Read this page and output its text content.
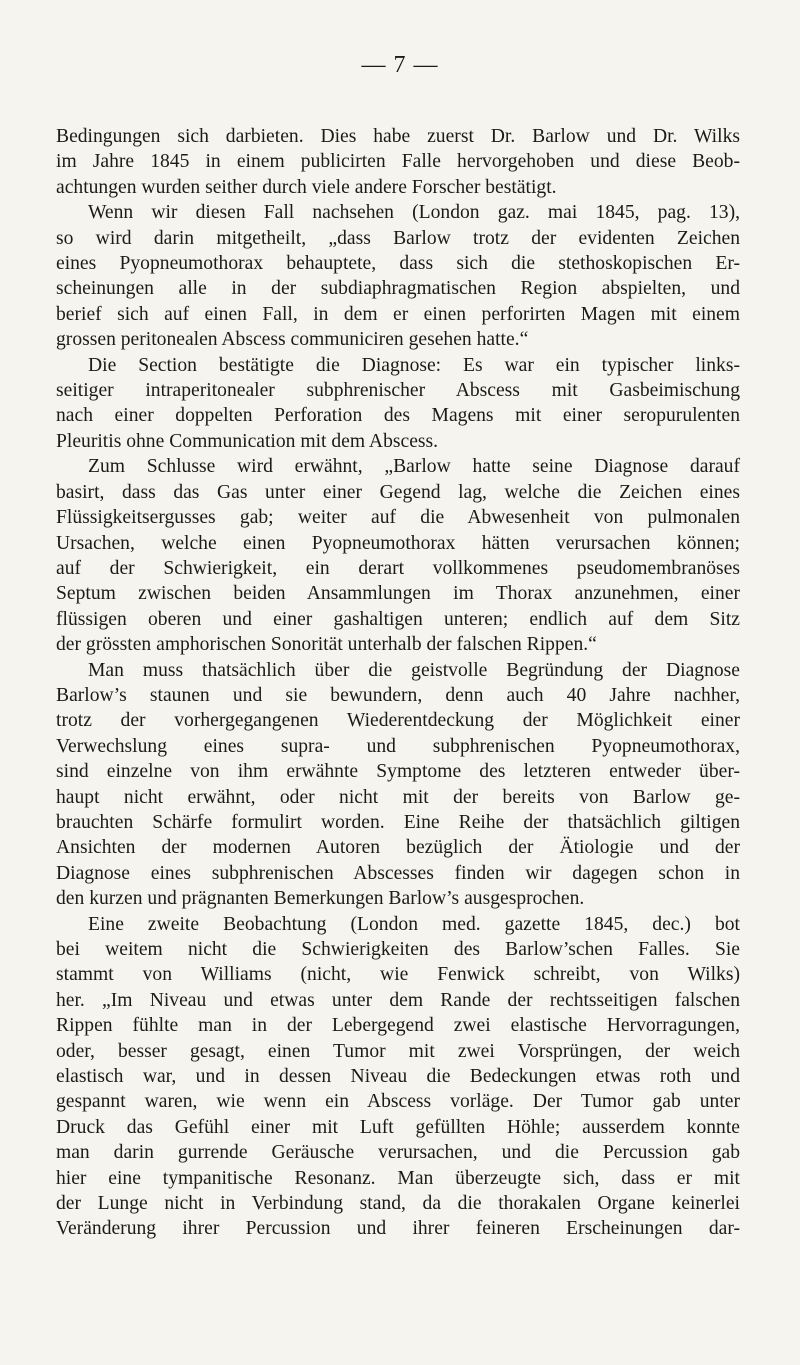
— 7 —

Bedingungen sich darbieten. Dies habe zuerst Dr. Barlow und Dr. Wilks
im Jahre 1845 in einem publicirten Falle hervorgehoben und diese Beob-
achtungen wurden seither durch viele andere Forscher bestätigt.

Wenn wir diesen Fall nachsehen (London gaz. mai 1845, pag. 13),
so wird darin mitgetheilt, „dass Barlow trotz der evidenten Zeichen
eines Pyopneumothorax behauptete, dass sich die stethoskopischen Er-
scheinungen alle in der subdiaphragmatischen Region abspielten, und
berief sich auf einen Fall, in dem er einen perforirten Magen mit einem
grossen peritonealen Abscess communiciren gesehen hatte.“

Die Section bestätigte die Diagnose: Es war ein typischer links-
seitiger intraperitonealer subphrenischer Abscess mit Gasbeimischung
nach einer doppelten Perforation des Magens mit einer seropurulenten
Pleuritis ohne Communication mit dem Abscess.

Zum Schlusse wird erwähnt, „Barlow hatte seine Diagnose darauf
basirt, dass das Gas unter einer Gegend lag, welche die Zeichen eines
Flüssigkeitsergusses gab; weiter auf die Abwesenheit von pulmonalen
Ursachen, welche einen Pyopneumothorax hätten verursachen können;
auf der Schwierigkeit, ein derart vollkommenes pseudomembranöses
Septum zwischen beiden Ansammlungen im Thorax anzunehmen, einer
flüssigen oberen und einer gashaltigen unteren; endlich auf dem Sitz
der grössten amphorischen Sonorität unterhalb der falschen Rippen.“

Man muss thatsächlich über die geistvolle Begründung der Diagnose
Barlow’s staunen und sie bewundern, denn auch 40 Jahre nachher,
trotz der vorhergegangenen Wiederentdeckung der Möglichkeit einer
Verwechslung eines supra- und subphrenischen Pyopneumothorax,
sind einzelne von ihm erwähnte Symptome des letzteren entweder über-
haupt nicht erwähnt, oder nicht mit der bereits von Barlow ge-
brauchten Schärfe formulirt worden. Eine Reihe der thatsächlich giltigen
Ansichten der modernen Autoren bezüglich der Ätiologie und der
Diagnose eines subphrenischen Abscesses finden wir dagegen schon in
den kurzen und prägnanten Bemerkungen Barlow’s ausgesprochen.

Eine zweite Beobachtung (London med. gazette 1845, dec.) bot
bei weitem nicht die Schwierigkeiten des Barlow’schen Falles. Sie
stammt von Williams (nicht, wie Fenwick schreibt, von Wilks)
her. „Im Niveau und etwas unter dem Rande der rechtsseitigen falschen
Rippen fühlte man in der Lebergegend zwei elastische Hervorragungen,
oder, besser gesagt, einen Tumor mit zwei Vorsprüngen, der weich
elastisch war, und in dessen Niveau die Bedeckungen etwas roth und
gespannt waren, wie wenn ein Abscess vorläge. Der Tumor gab unter
Druck das Gefühl einer mit Luft gefüllten Höhle; ausserdem konnte
man darin gurrende Geräusche verursachen, und die Percussion gab
hier eine tympanitische Resonanz. Man überzeugte sich, dass er mit
der Lunge nicht in Verbindung stand, da die thorakalen Organe keinerlei
Veränderung ihrer Percussion und ihrer feineren Erscheinungen dar-
